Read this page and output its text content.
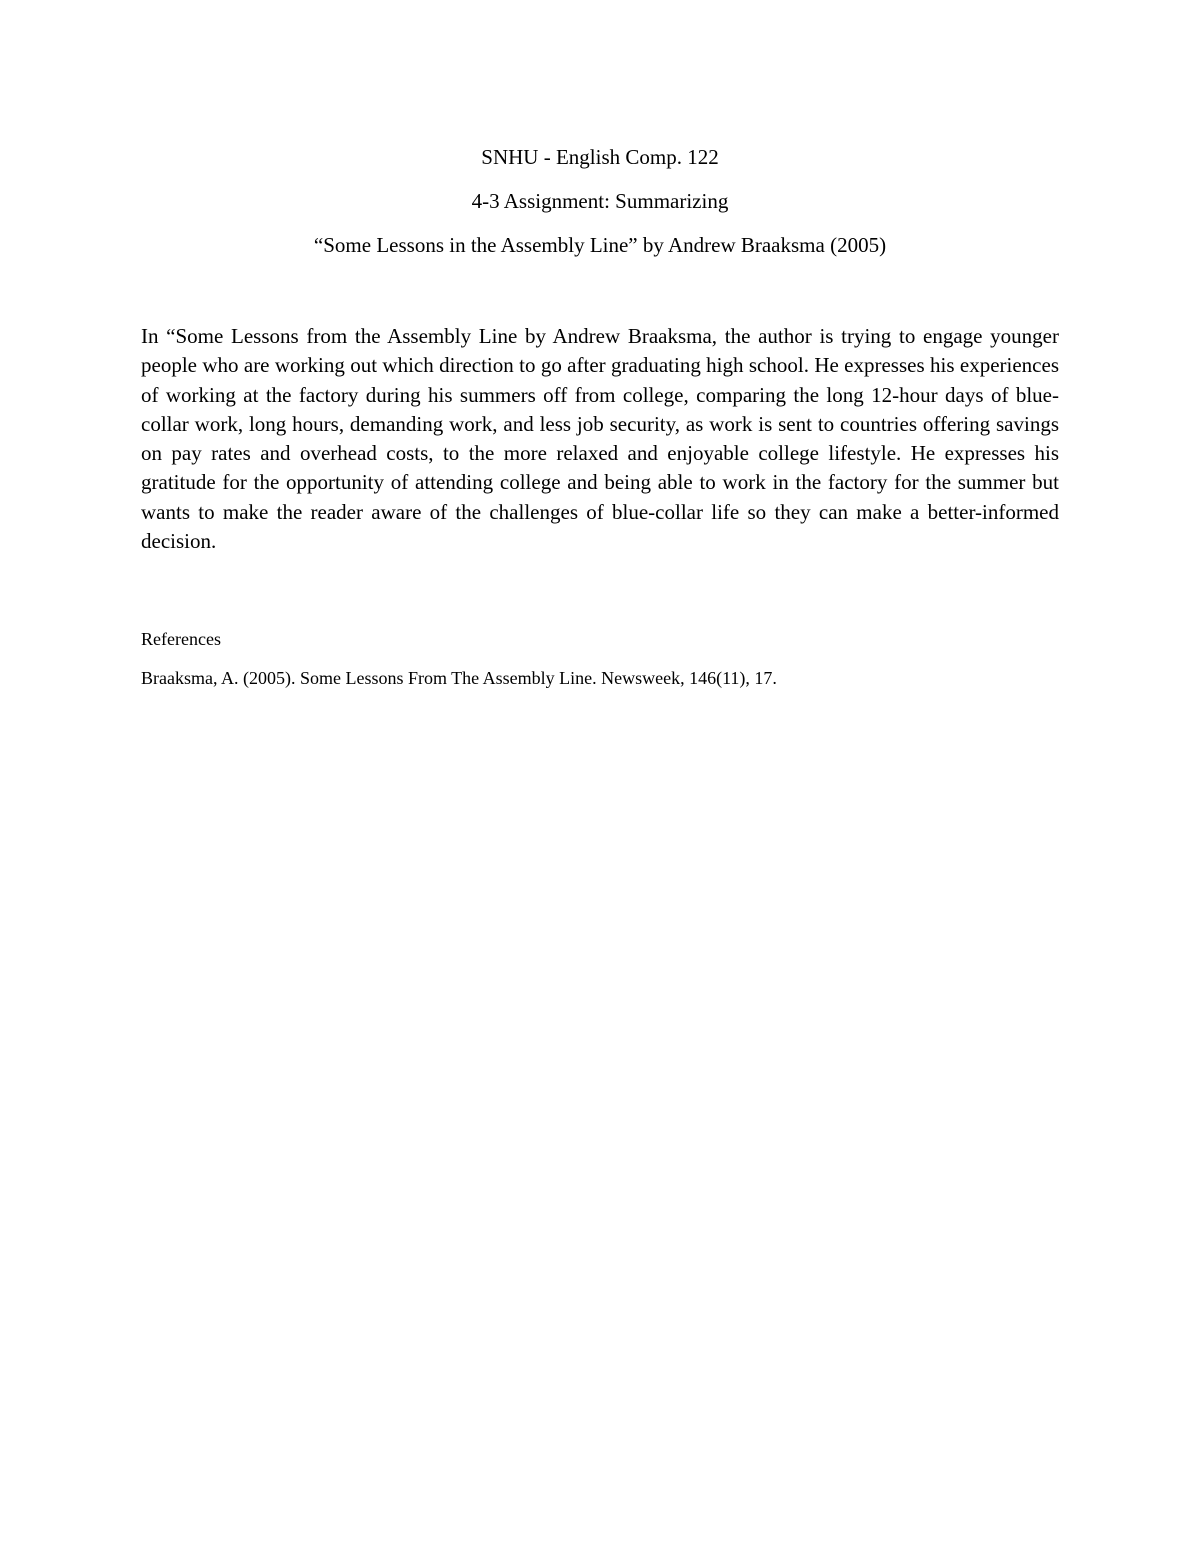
SNHU - English Comp. 122

4-3 Assignment: Summarizing

“Some Lessons in the Assembly Line” by Andrew Braaksma (2005)

In “Some Lessons from the Assembly Line by Andrew Braaksma, the author is trying to engage younger people who are working out which direction to go after graduating high school. He expresses his experiences of working at the factory during his summers off from college, comparing the long 12-hour days of blue-collar work, long hours, demanding work, and less job security, as work is sent to countries offering savings on pay rates and overhead costs, to the more relaxed and enjoyable college lifestyle. He expresses his gratitude for the opportunity of attending college and being able to work in the factory for the summer but wants to make the reader aware of the challenges of blue-collar life so they can make a better-informed decision.

References

Braaksma, A. (2005). Some Lessons From The Assembly Line. Newsweek, 146(11), 17.
